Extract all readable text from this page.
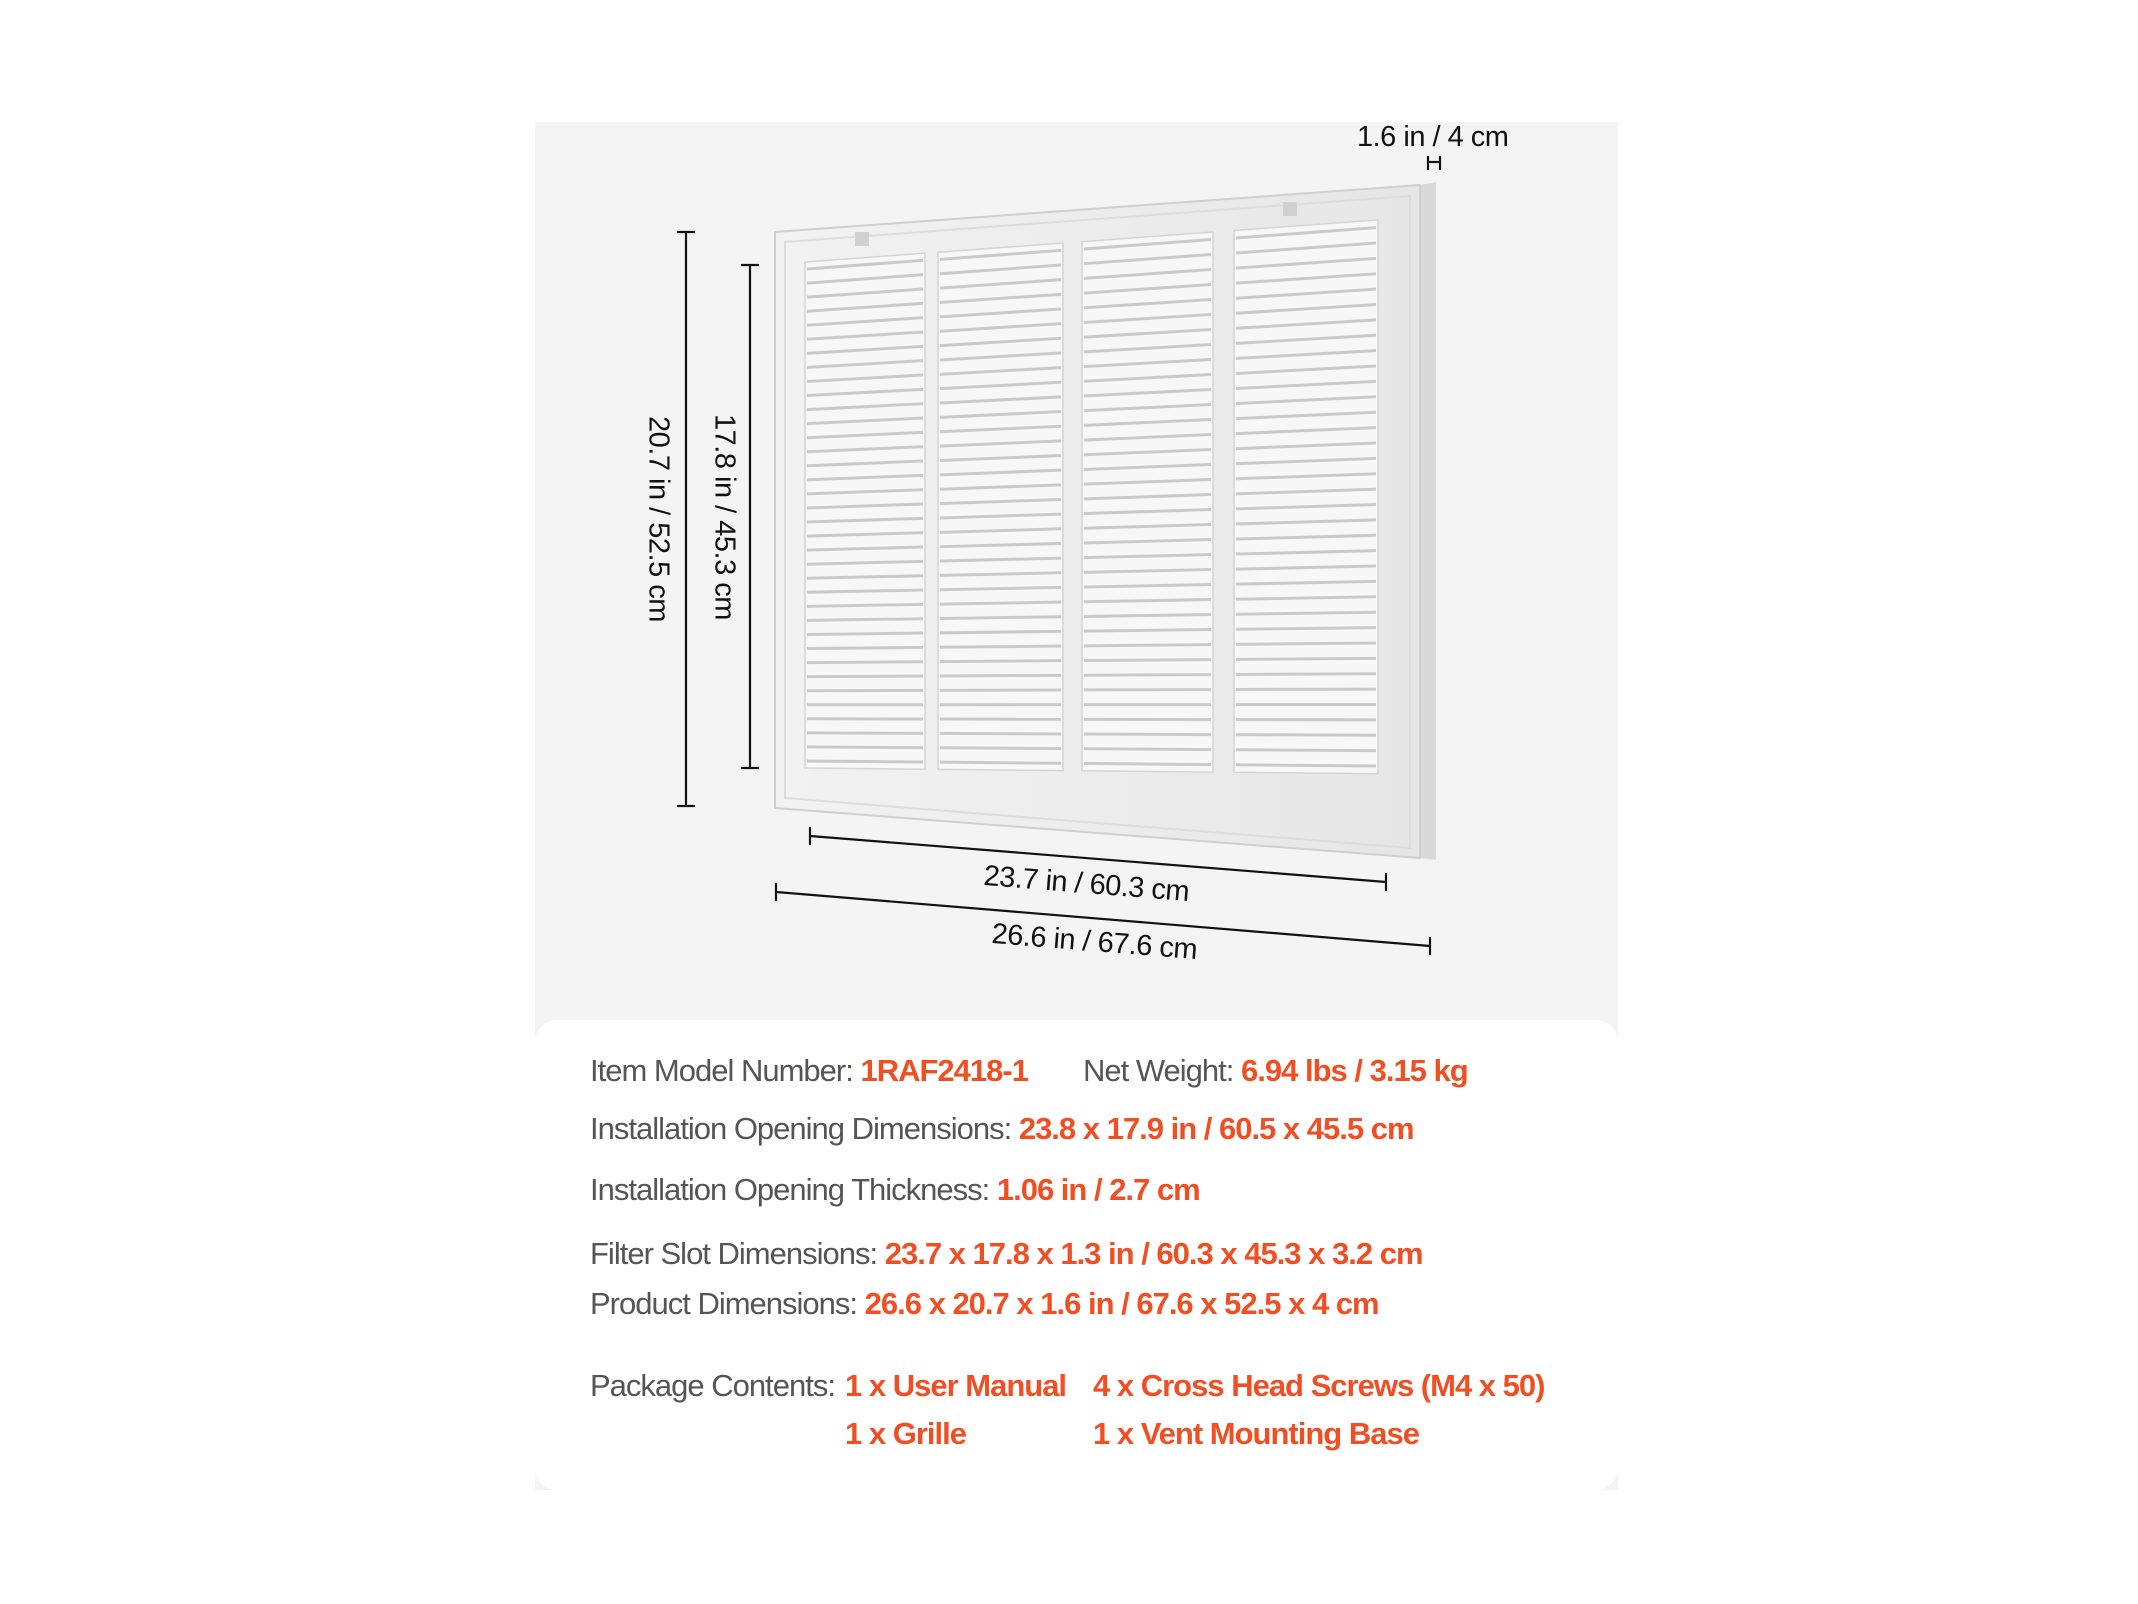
1.6 in / 4 cm
20.7 in / 52.5 cm 17.8 in / 45.3 cm
23.7 in / 60.3 cm
26.6 in / 67.6 cm
Item Model Number: 1RAF2418-1 Net Weight: 6.94 lbs / 3.15 kg
Installation Opening Dimensions: 23.8 x 17.9 in / 60.5 x 45.5 cm
Installation Opening Thickness: 1.06 in / 2.7 cm
Filter Slot Dimensions: 23.7 x 17.8 x 1.3 in / 60.3 x 45.3 x 3.2 cm
Product Dimensions: 26.6 x 20.7 x 1.6 in / 67.6 x 52.5 x 4 cm
Package Contents: 1 x User Manual 4 x Cross Head Screws (M4 x 50)
1 x Grille	1 x Vent Mounting Base
